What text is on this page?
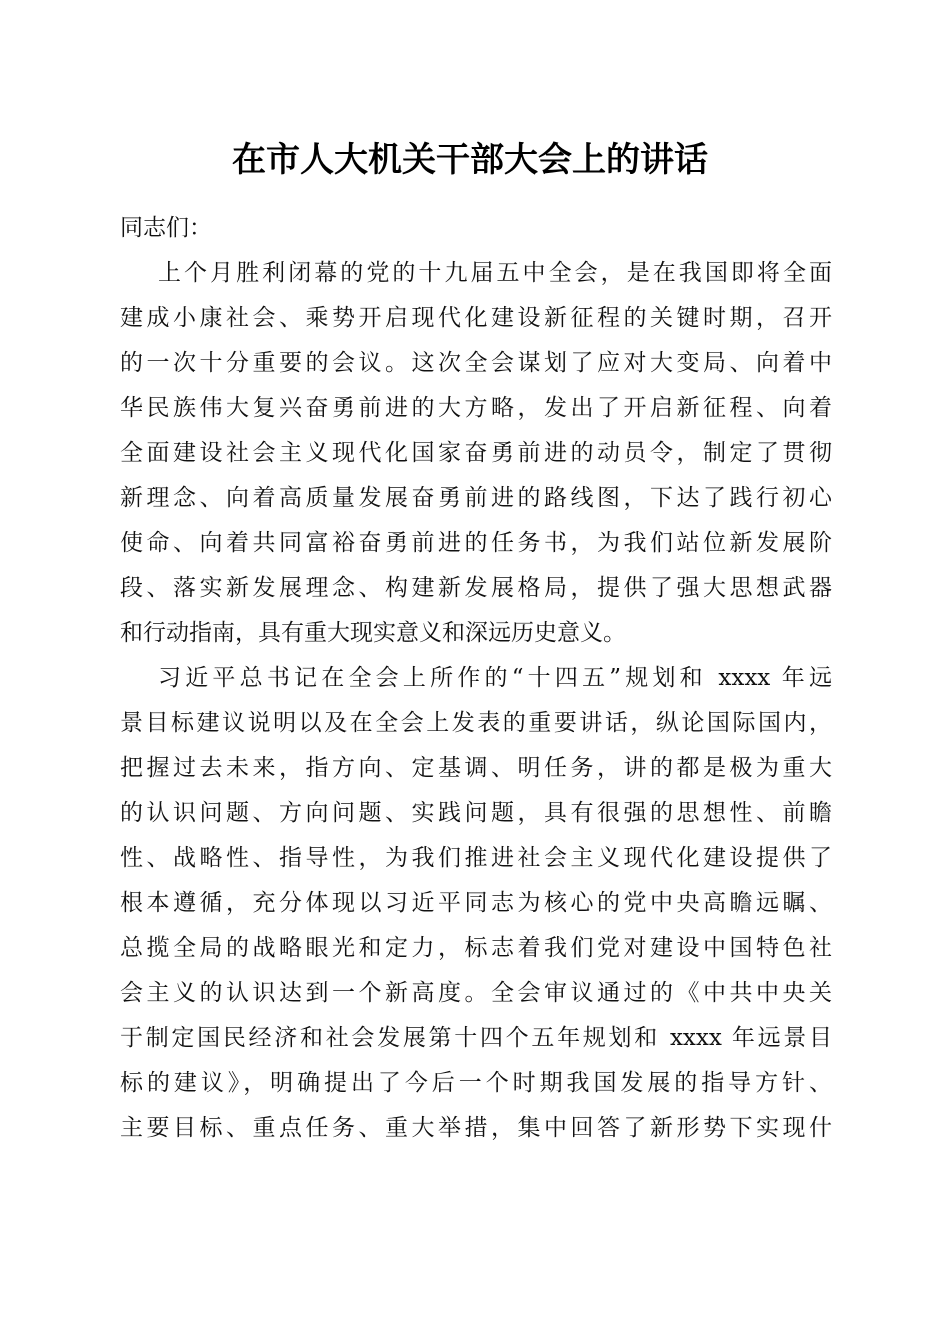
在市人大机关干部大会上的讲话
同志们：
上个月胜利闭幕的党的十九届五中全会，是在我国即将全面
建成小康社会、乘势开启现代化建设新征程的关键时期，召开
的一次十分重要的会议。这次全会谋划了应对大变局、向着中
华民族伟大复兴奋勇前进的大方略，发出了开启新征程、向着
全面建设社会主义现代化国家奋勇前进的动员令，制定了贯彻
新理念、向着高质量发展奋勇前进的路线图，下达了践行初心
使命、向着共同富裕奋勇前进的任务书，为我们站位新发展阶
段、落实新发展理念、构建新发展格局，提供了强大思想武器
和行动指南，具有重大现实意义和深远历史意义。
习近平总书记在全会上所作的“十四五”规划和 xxxx 年远
景目标建议说明以及在全会上发表的重要讲话，纵论国际国内，
把握过去未来，指方向、定基调、明任务，讲的都是极为重大
的认识问题、方向问题、实践问题，具有很强的思想性、前瞻
性、战略性、指导性，为我们推进社会主义现代化建设提供了
根本遵循，充分体现以习近平同志为核心的党中央高瞻远瞩、
总揽全局的战略眼光和定力，标志着我们党对建设中国特色社
会主义的认识达到一个新高度。全会审议通过的《中共中央关
于制定国民经济和社会发展第十四个五年规划和 xxxx 年远景目
标的建议》，明确提出了今后一个时期我国发展的指导方针、
主要目标、重点任务、重大举措，集中回答了新形势下实现什
